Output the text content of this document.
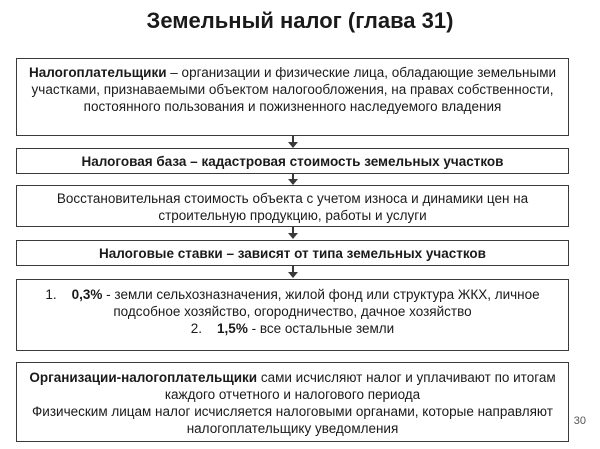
Земельный налог (глава 31)
Налогоплательщики – организации и физические лица, обладающие земельными участками, признаваемыми объектом налогообложения, на правах собственности, постоянного пользования и пожизненного наследуемого владения
Налоговая база – кадастровая стоимость земельных участков
Восстановительная стоимость объекта с учетом износа и динамики цен на строительную продукцию, работы и услуги
Налоговые ставки – зависят от типа земельных участков
1. 0,3% - земли сельхозназначения, жилой фонд или структура ЖКХ, личное подсобное хозяйство, огородничество, дачное хозяйство
2. 1,5% - все остальные земли
Организации-налогоплательщики сами исчисляют налог и уплачивают по итогам каждого отчетного и налогового периода
Физическим лицам налог исчисляется налоговыми органами, которые направляют налогоплательщику уведомления	30
